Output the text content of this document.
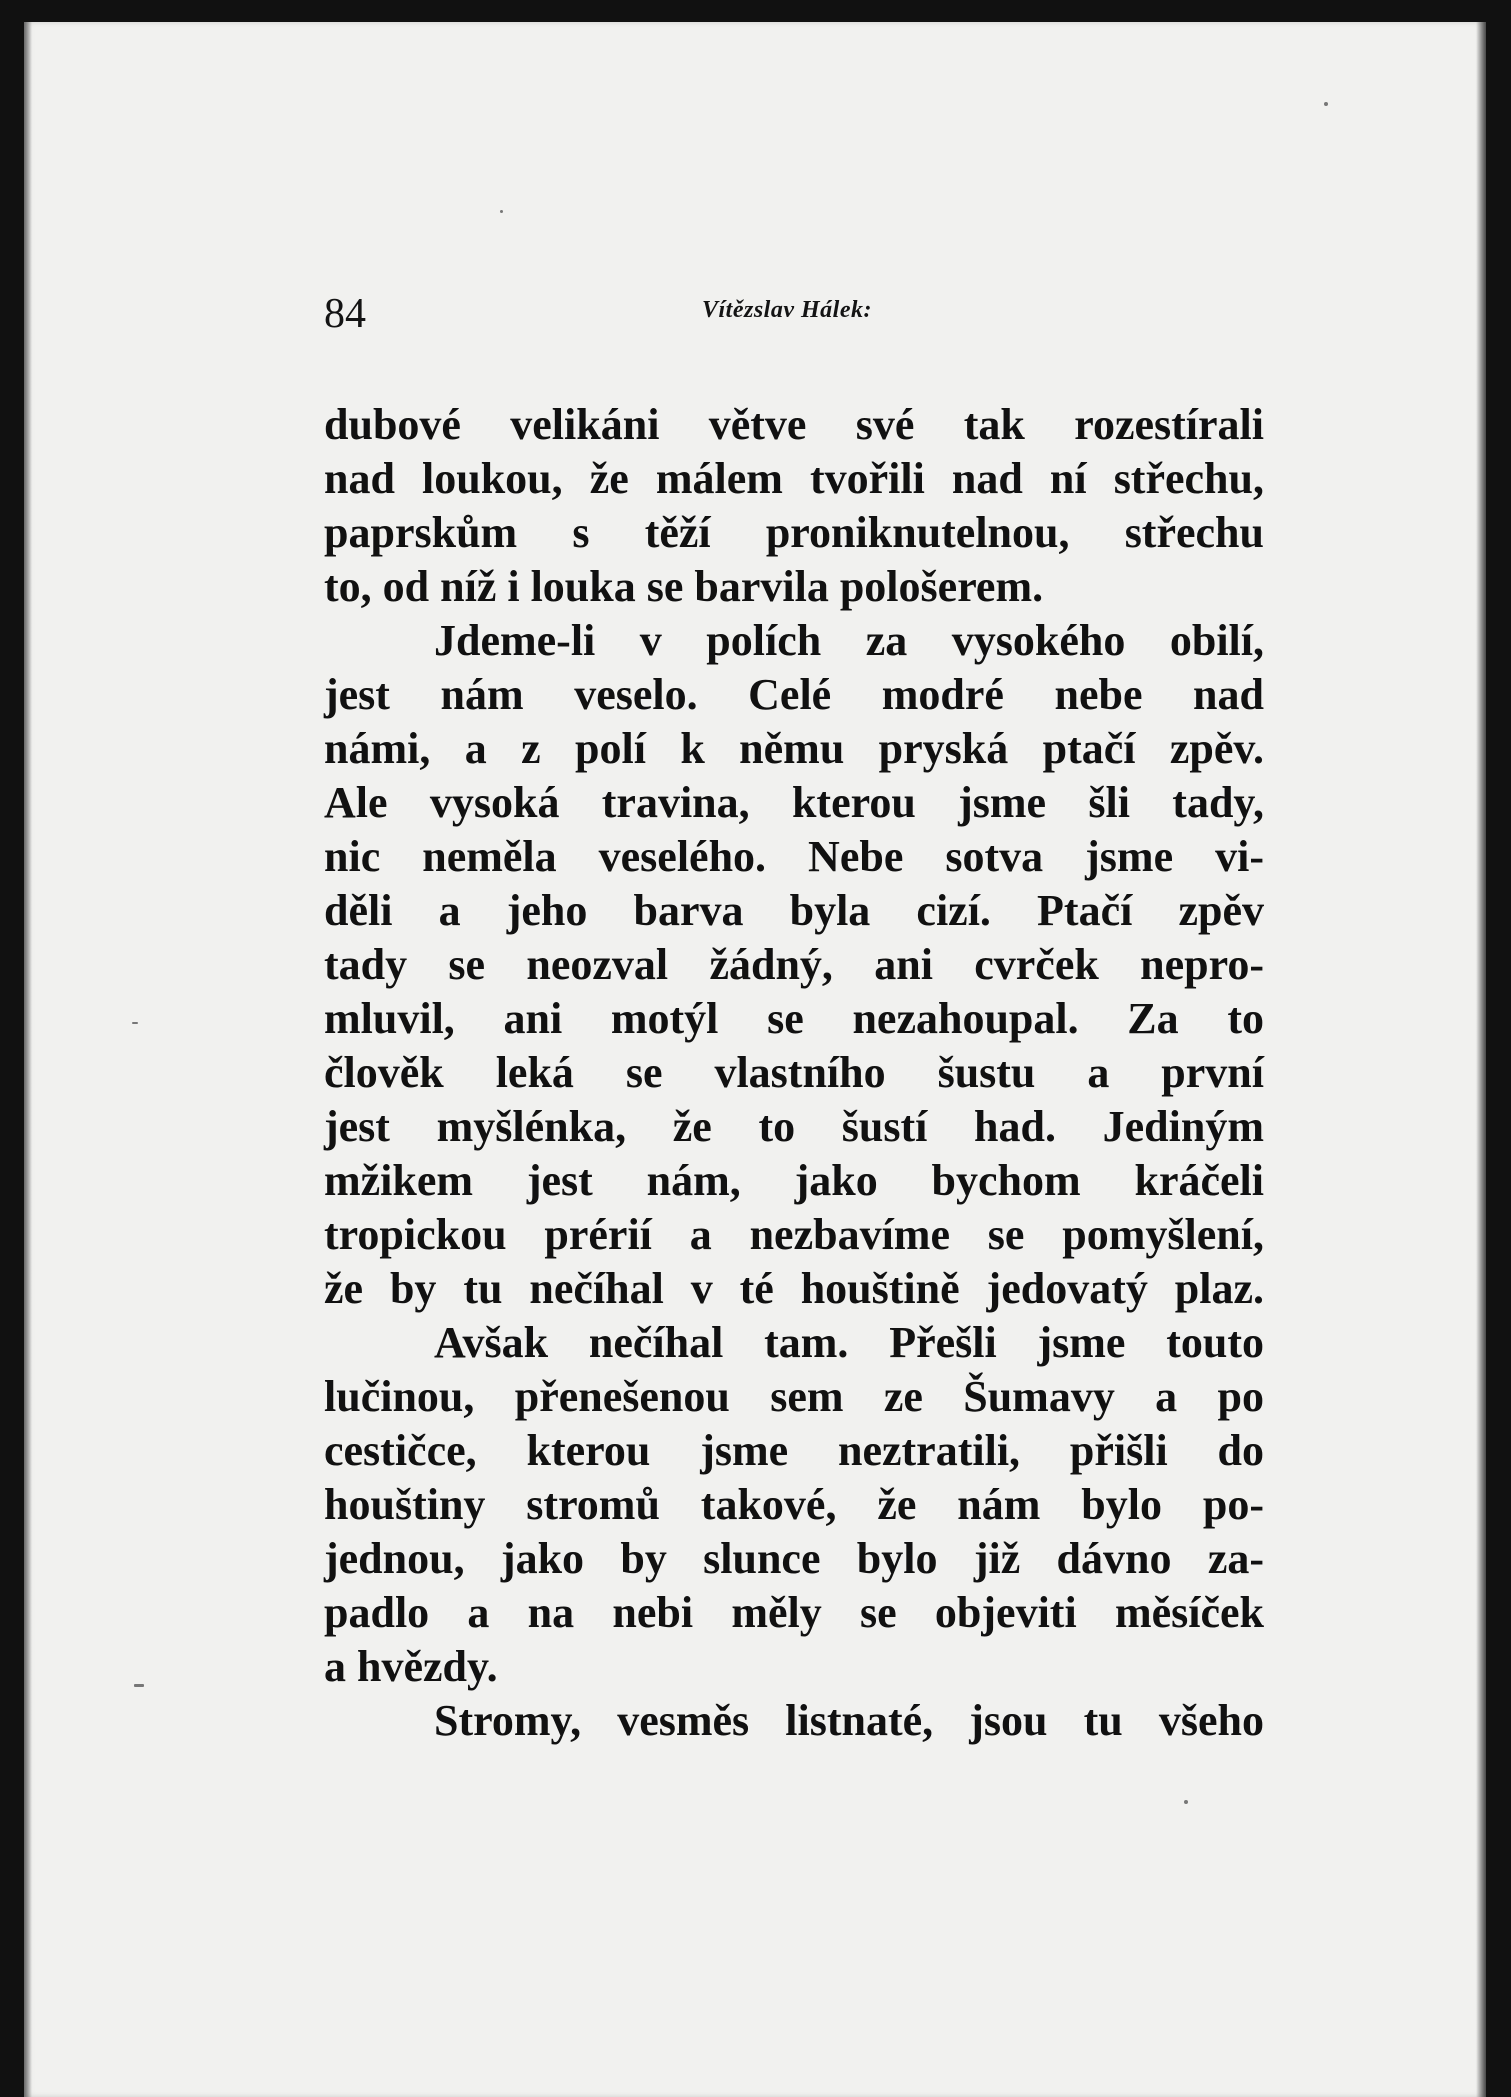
84	Vítězslav Hálek:
dubové velikáni větve své tak rozestírali
nad loukou, že málem tvořili nad ní střechu,
paprskům s těží proniknutelnou, střechu
to, od níž i louka se barvila pološerem.
Jdeme-li v polích za vysokého obilí,
jest nám veselo. Celé modré nebe nad
námi, a z polí k němu pryská ptačí zpěv.
Ale vysoká travina, kterou jsme šli tady,
nic neměla veselého. Nebe sotva jsme vi-
děli a jeho barva byla cizí. Ptačí zpěv
tady se neozval žádný, ani cvrček nepro-
mluvil, ani motýl se nezahoupal. Za to
člověk leká se vlastního šustu a první
jest myšlénka, že to šustí had. Jediným
mžikem jest nám, jako bychom kráčeli
tropickou prérií a nezbavíme se pomyšlení,
že by tu nečíhal v té houštině jedovatý plaz.
Avšak nečíhal tam. Přešli jsme touto
lučinou, přenešenou sem ze Šumavy a po
cestičce, kterou jsme neztratili, přišli do
houštiny stromů takové, že nám bylo po-
jednou, jako by slunce bylo již dávno za-
padlo a na nebi měly se objeviti měsíček
a hvězdy.
Stromy, vesměs listnaté, jsou tu všeho
